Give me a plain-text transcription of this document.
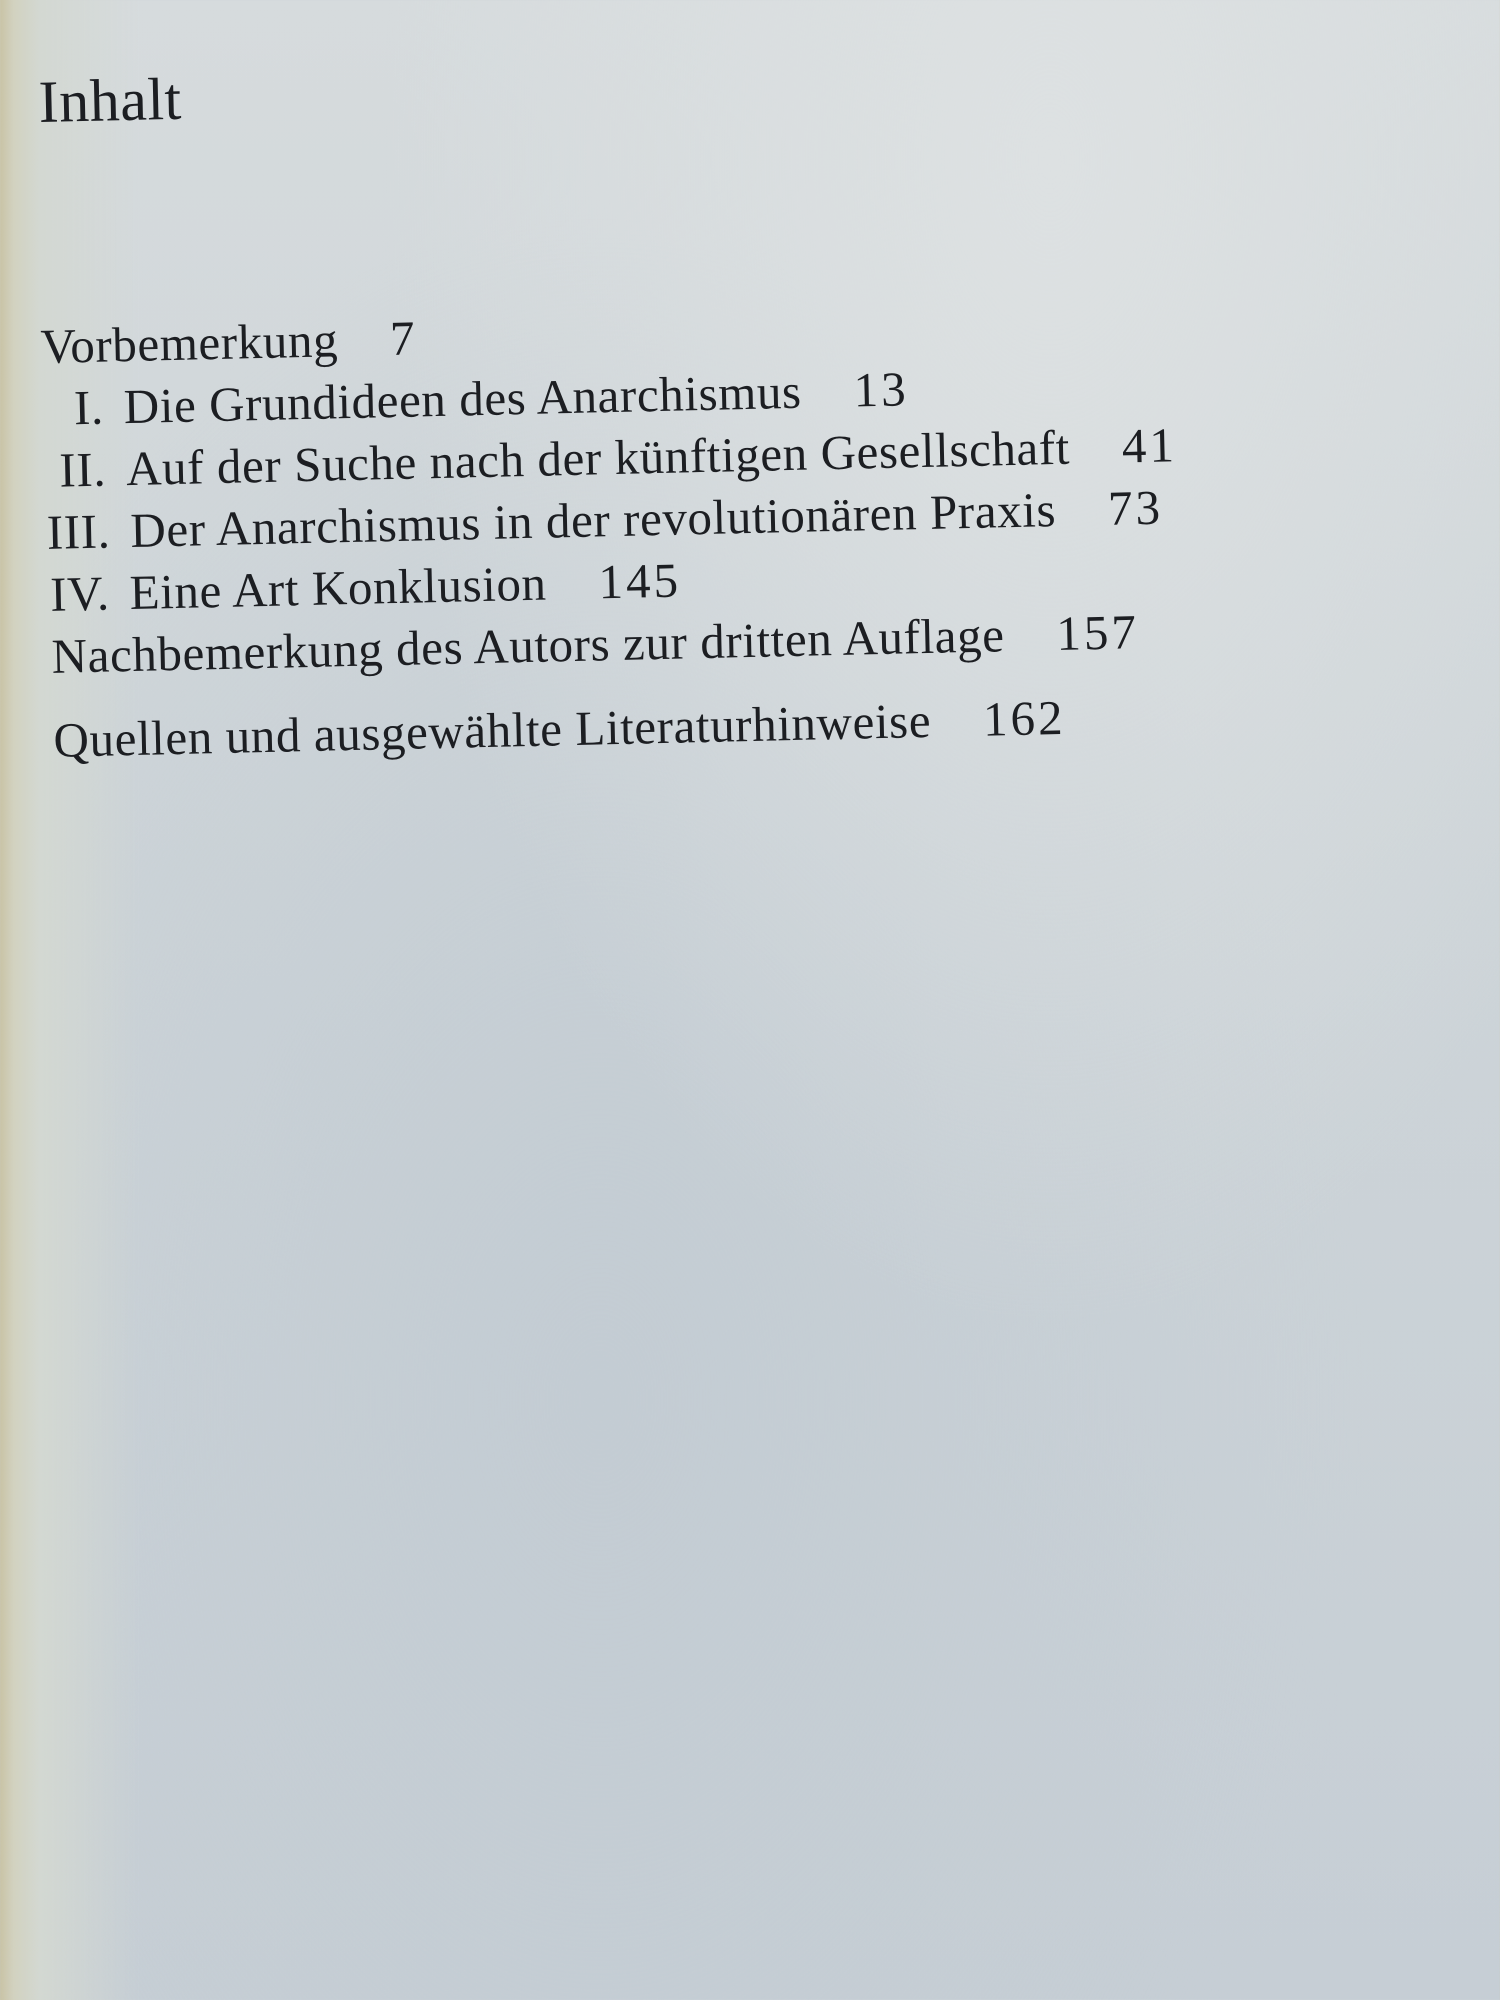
Inhalt
Vorbemerkung 7
I. Die Grundideen des Anarchismus 13
II. Auf der Suche nach der künftigen Gesellschaft 41
III. Der Anarchismus in der revolutionären Praxis 73
IV. Eine Art Konklusion 145
Nachbemerkung des Autors zur dritten Auflage 157
Quellen und ausgewählte Literaturhinweise 162
